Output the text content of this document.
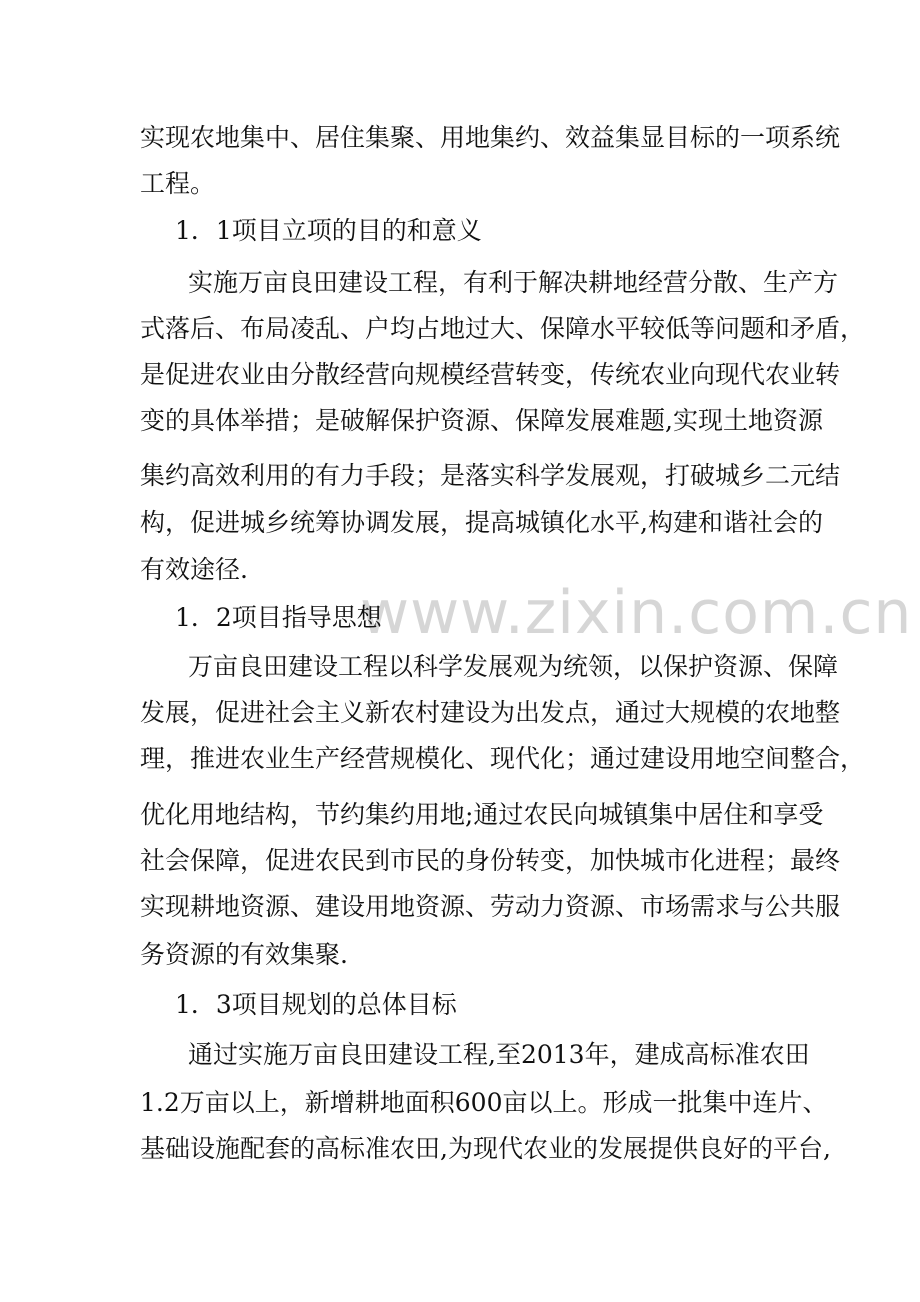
www.zixin.com.cn
实现农地集中、居住集聚、用地集约、效益集显目标的一项系统
工程。
1．1项目立项的目的和意义
实施万亩良田建设工程，有利于解决耕地经营分散、生产方
式落后、布局凌乱、户均占地过大、保障水平较低等问题和矛盾，
是促进农业由分散经营向规模经营转变，传统农业向现代农业转
变的具体举措；是破解保护资源、保障发展难题,实现土地资源
集约高效利用的有力手段；是落实科学发展观，打破城乡二元结
构，促进城乡统筹协调发展，提高城镇化水平,构建和谐社会的
有效途径.
1．2项目指导思想
万亩良田建设工程以科学发展观为统领，以保护资源、保障
发展，促进社会主义新农村建设为出发点，通过大规模的农地整
理，推进农业生产经营规模化、现代化；通过建设用地空间整合，
优化用地结构，节约集约用地;通过农民向城镇集中居住和享受
社会保障，促进农民到市民的身份转变，加快城市化进程；最终
实现耕地资源、建设用地资源、劳动力资源、市场需求与公共服
务资源的有效集聚.
1．3项目规划的总体目标
通过实施万亩良田建设工程,至2013年，建成高标准农田
1.2万亩以上，新增耕地面积600亩以上。形成一批集中连片、
基础设施配套的高标准农田,为现代农业的发展提供良好的平台,
